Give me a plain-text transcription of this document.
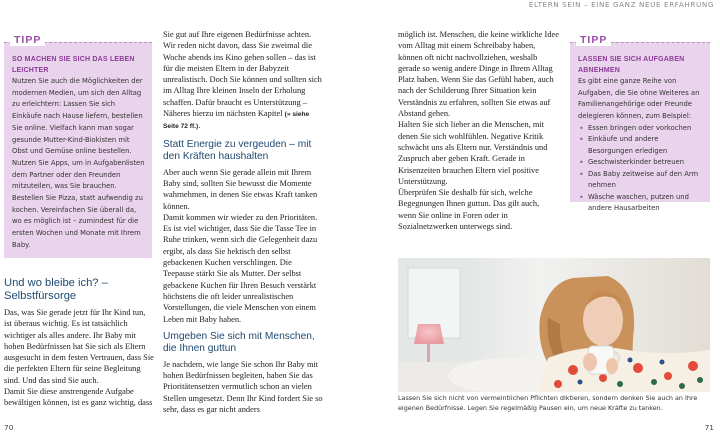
ELTERN SEIN – EINE GANZ NEUE ERFAHRUNG
TIPP
SO MACHEN SIE SICH DAS LEBEN LEICHTER

Nutzen Sie auch die Möglichkeiten der modernen Medien, um sich den Alltag zu erleichtern: Lassen Sie sich Einkäufe nach Hause liefern, bestellen Sie online. Vielfach kann man sogar gesunde Mutter-Kind-Biokisten mit Obst und Gemüse online bestellen. Nutzen Sie Apps, um in Aufgabenlisten dem Partner oder den Freunden mitzuteilen, was Sie brauchen. Bestellen Sie Pizza, statt aufwendig zu kochen. Vereinfachen Sie überall da, wo es möglich ist – zumindest für die ersten Wochen und Monate mit Ihrem Baby.

Und wo bleibe ich? – Selbstfürsorge

Das, was Sie gerade jetzt für Ihr Kind tun, ist überaus wichtig. Es ist tatsächlich wichtiger als alles andere. Ihr Baby mit hohen Bedürfnissen hat Sie sich als Eltern ausgesucht in dem festen Vertrauen, dass Sie die perfekten Eltern für seine Begleitung sind. Und das sind Sie auch.

Damit Sie diese anstrengende Aufgabe bewältigen können, ist es ganz wichtig, dass

Sie gut auf Ihre eigenen Bedürfnisse achten. Wir reden nicht davon, dass Sie zweimal die Woche abends ins Kino gehen sollen – das ist für die meisten Eltern in der Babyzeit unrealistisch. Doch Sie können und sollten sich im Alltag Ihre kleinen Inseln der Erholung schaffen. Dafür braucht es Unterstützung – Näheres hierzu im nächsten Kapitel (» siehe Seite 72 ff.).

Statt Energie zu vergeuden – mit den Kräften haushalten

Aber auch wenn Sie gerade allein mit Ihrem Baby sind, sollten Sie bewusst die Momente wahrnehmen, in denen Sie etwas Kraft tanken können.

Damit kommen wir wieder zu den Prioritäten. Es ist viel wichtiger, dass Sie die Tasse Tee in Ruhe trinken, wenn sich die Gelegenheit dazu ergibt, als dass Sie hektisch den selbst gebackenen Kuchen verschlingen. Die Teepause stärkt Sie als Mutter. Der selbst gebackene Kuchen für Ihren Besuch verstärkt höchstens die oft leider unrealistischen Vorstellungen, die viele Menschen von einem Leben mit Baby haben.

Umgeben Sie sich mit Menschen, die Ihnen guttun

Je nachdem, wie lange Sie schon Ihr Baby mit hohen Bedürfnissen begleiten, haben Sie das Prioritätensetzen vermutlich schon an vielen Stellen umgesetzt. Denn Ihr Kind fordert Sie so sehr, dass es gar nicht anders

möglich ist. Menschen, die keine wirkliche Idee vom Alltag mit einem Schreibaby haben, können oft nicht nachvollziehen, weshalb gerade so wenig andere Dinge in Ihrem Alltag Platz haben. Wenn Sie das Gefühl haben, auch nach der Schilderung Ihrer Situation kein Verständnis zu erfahren, sollten Sie etwas auf Abstand gehen.

Halten Sie sich lieber an die Menschen, mit denen Sie sich wohlfühlen. Negative Kritik schwächt uns als Eltern nur. Verständnis und Zuspruch aber geben Kraft. Gerade in Krisenzeiten brauchen Eltern viel positive Unterstützung.

Überprüfen Sie deshalb für sich, welche Begegnungen Ihnen guttun. Das gilt auch, wenn Sie online in Foren oder in Sozialnetzwerken unterwegs sind.

TIPP
LASSEN SIE SICH AUFGABEN ABNEHMEN

Es gibt eine ganze Reihe von Aufgaben, die Sie ohne Weiteres an Familienangehörige oder Freunde delegieren können, zum Beispiel:

• Essen bringen oder vorkochen
• Einkäufe und andere Besorgungen erledigen
• Geschwisterkinder betreuen
• Das Baby zeitweise auf den Arm nehmen
• Wäsche waschen, putzen und andere Hausarbeiten

Lassen Sie sich nicht von vermeintlichen Pflichten diktieren, sondern denken Sie auch an Ihre eigenen Bedürfnisse. Legen Sie regelmäßig Pausen ein, um neue Kräfte zu tanken.

70	71
